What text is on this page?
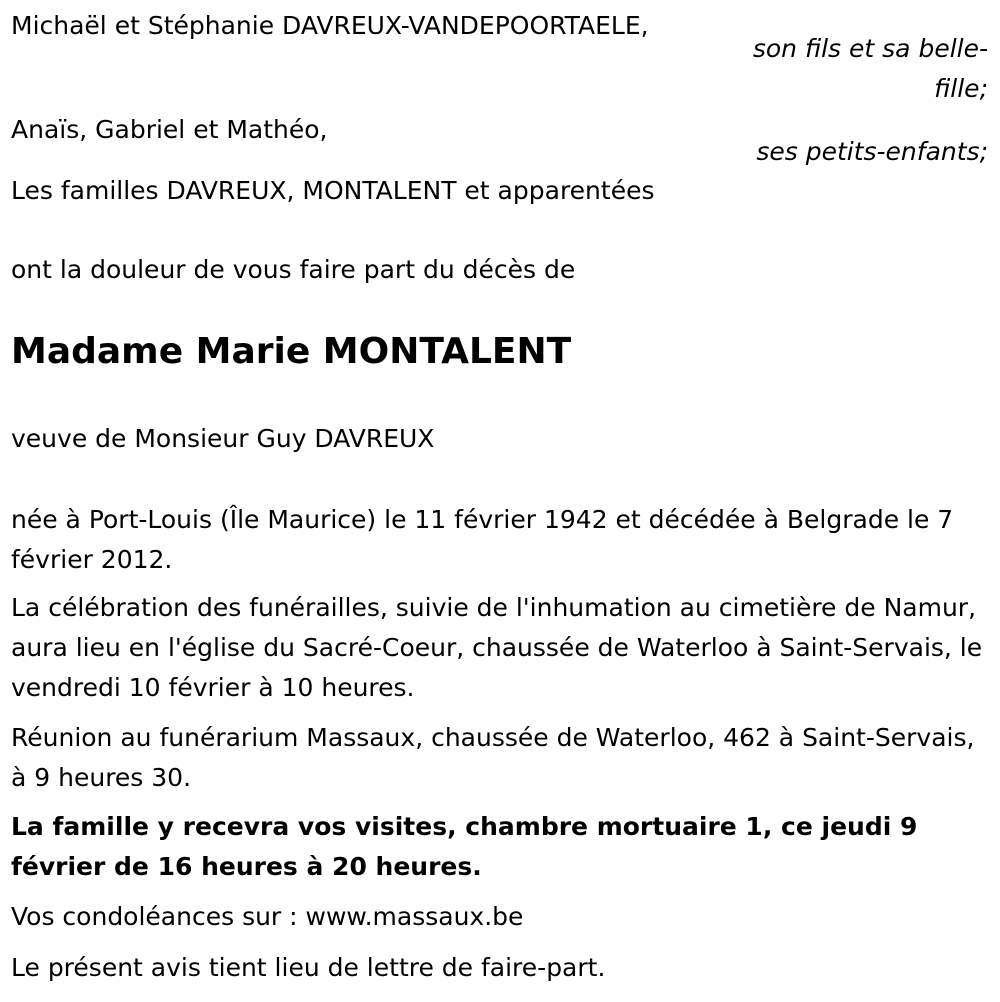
Michaël et Stéphanie DAVREUX-VANDEPOORTAELE,
son fils et sa belle-
fille;
Anaïs, Gabriel et Mathéo,
ses petits-enfants;
Les familles DAVREUX, MONTALENT et apparentées
ont la douleur de vous faire part du décès de
Madame Marie MONTALENT
veuve de Monsieur Guy DAVREUX
née à Port-Louis (Île Maurice) le 11 février 1942 et décédée à Belgrade le 7 février 2012.
La célébration des funérailles, suivie de l'inhumation au cimetière de Namur, aura lieu en l'église du Sacré-Coeur, chaussée de Waterloo à Saint-Servais, le vendredi 10 février à 10 heures.
Réunion au funérarium Massaux, chaussée de Waterloo, 462 à Saint-Servais, à 9 heures 30.
La famille y recevra vos visites, chambre mortuaire 1, ce jeudi 9 février de 16 heures à 20 heures.
Vos condoléances sur : www.massaux.be
Le présent avis tient lieu de lettre de faire-part.
